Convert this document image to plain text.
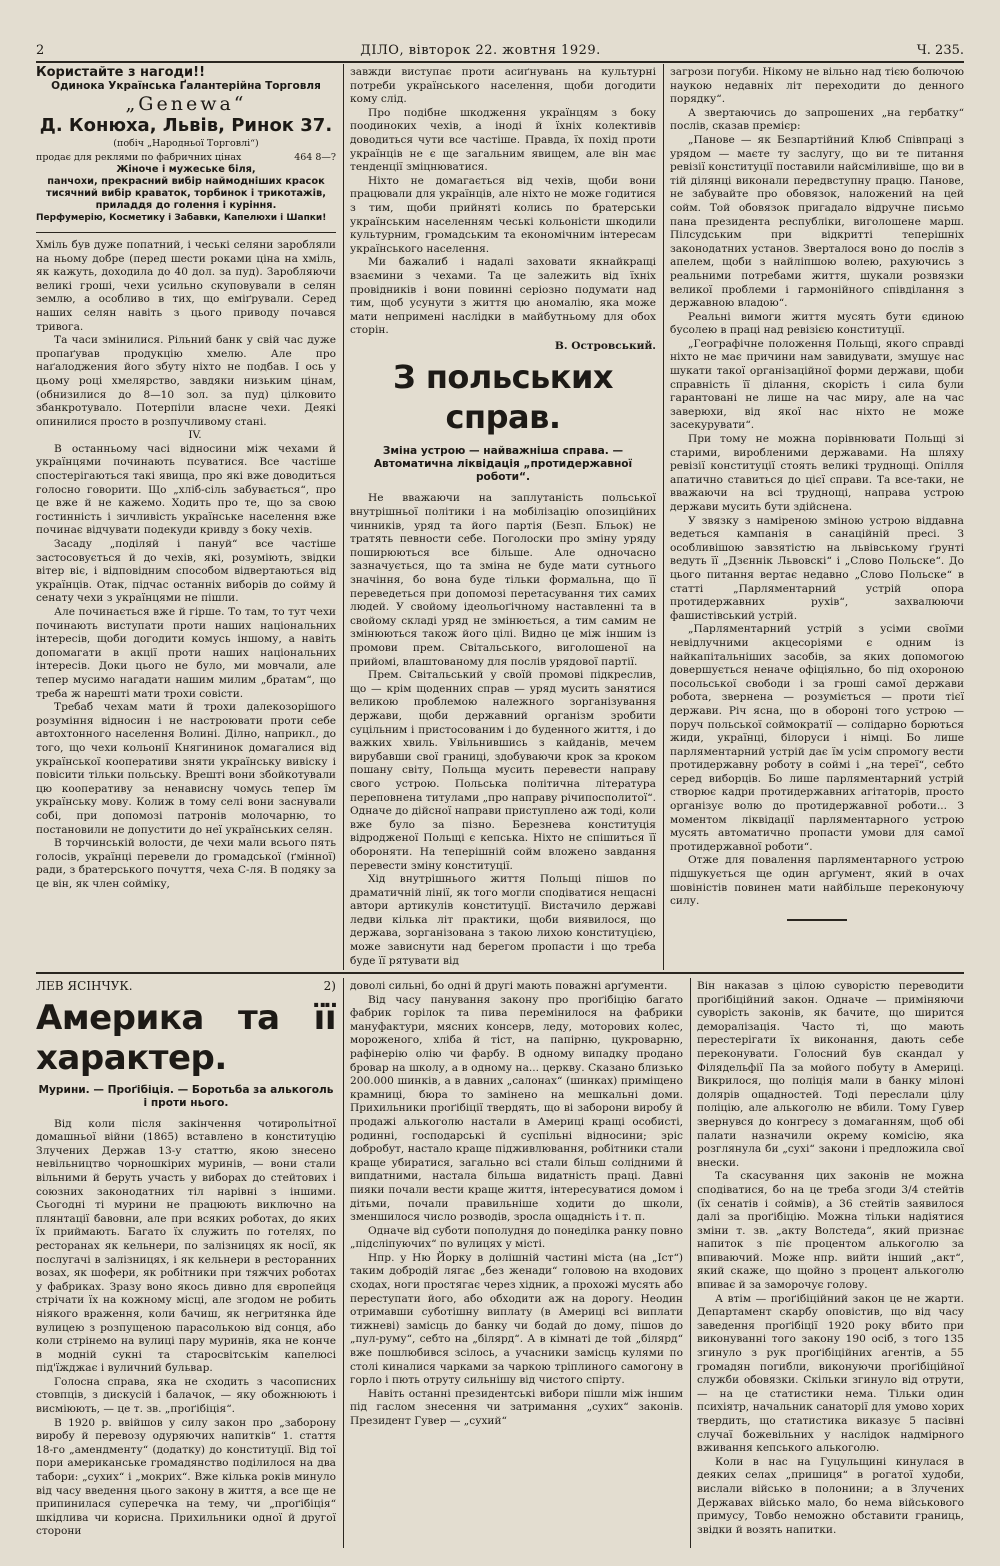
2	ДІЛО, вівторок 22. жовтня 1929.	Ч. 235.
Користайте з нагоди!!
Одинока Українська Ґалантерійна Торговля
„Genewa“
Д. Конюха, Львів, Ринок 37.
(побіч „Народньої Торговлі“)
продає для реклями по фабричних цінах	464 8—?
Жіноче і мужеське біля,
панчохи, прекрасний вибір наймодніших красок
тисячний вибір краваток, торбинок і трикотажів, приладдя до голення і куріння.
Перфумерію, Косметику і Забавки, Капелюхи і Шапки!

Хміль був дуже попатний, і чеські селяни заробляли на ньому добре (перед шести роками ціна на хміль, як кажуть, доходила до 40 дол. за пуд). Заробляючи великі гроші, чехи усильно скуповували в селян землю, а особливо в тих, що еміґрували. Серед наших селян навіть з цього приводу почався тривога.

Та часи змінилися. Рільний банк у свій час дуже пропаґував продукцію хмелю. Але про наґалоджения його збуту ніхто не подбав. І ось у цьому році хмелярство, завдяки низьким цінам, (обнизилися до 8—10 зол. за пуд) цілковито збанкротувало. Потерпіли власне чехи. Деякі опинилися просто в розпучливому стані.

IV.

В останньому часі відносини між чехами й українцями починають псуватися. Все частіше спостерігаються такі явища, про які вже доводиться голосно говорити. Що „хліб-сіль забувається“, про це вже й не кажемо. Ходить про те, що за свою гостинність і зичливість українське населення вже починає відчувати подекуди кривду з боку чехів.

Засаду „поділяй і пануй“ все частіше застосовується й до чехів, які, розуміють, звідки вітер віє, і відповідним способом відвертаються від українців. Отак, підчас останніх виборів до сойму й сенату чехи з українцями не пішли.

Але починається вже й гірше. То там, то тут чехи починають виступати проти наших національних інтересів, щоби догодити комусь іншому, а навіть допомагати в акції проти наших національних інтересів. Доки цього не було, ми мовчали, але тепер мусимо нагадати нашим милим „братам“, що треба ж нарешті мати трохи совісти.

Требаб чехам мати й трохи далекозорішого розуміння відносин і не настроювати проти себе автохтонного населення Волині. Ділно, наприкл., до того, що чехи кольонії Княгининок домагалися від української кооперативи зняти українську вивіску і повісити тільки польську. Врешті вони збойкотували цю кооперативу за ненависну чомусь тепер їм українську мову. Колиж в тому селі вони заснували собі, при допомозі патронів молочарню, то постановили не допустити до неї українських селян.

В торчинській волости, де чехи мали всього пять голосів, українці перевели до громадської (ґмінної) ради, з братерського почуття, чеха С-ля. В подяку за це він, як член сойміку,

завжди виступає проти асиґнувань на культурні потреби українського населення, щоби догодити кому слід.

Про подібне шкодження українцям з боку поодиноких чехів, а іноді й їхніх колективів доводиться чути все частіше. Правда, їх похід проти українців не є ще загальним явищем, але він має тенденції зміцнюватися.

Ніхто не домагається від чехів, щоби вони працювали для українців, але ніхто не може годитися з тим, щоби прийняті колись по братерськи українським населенням чеські кольоністи шкодили культурним, громадським та економічним інтересам українського населення.

Ми бажалиб і надалі заховати якнайкращі взаємини з чехами. Та це залежить від їхніх провідників і вони повинні серіозно подумати над тим, щоб усунути з життя цю аномалію, яка може мати непримені наслідки в майбутньому для обох сторін.

В. Островський.
З польських справ.
Зміна устрою — найважніша справа. — Автоматична ліквідація „протидержавної роботи“.

Не вважаючи на заплутаність польської внутрішньої політики і на мобілізацію опозиційних чинників, уряд та його партія (Безп. Бльок) не тратять певности себе. Поголоски про зміну уряду поширюються все більше. Але одночасно зазначується, що та зміна не буде мати сутнього значіння, бо вона буде тільки формальна, що її переведеться при допомозі перетасування тих самих людей. У свойому ідеольоґічному наставленні та в свойому складі уряд не змінюється, а тим самим не змінюються також його цілі. Видно це між іншим із промови прем. Світальського, виголошеної на прийомі, влаштованому для послів урядової партії.

Прем. Світальський у своїй промові підкреслив, що — крім щоденних справ — уряд мусить занятися великою проблемою належного зорганізування держави, щоби державний організм зробити суцільним і пристосованим і до буденного життя, і до важких хвиль. Увільнившись з кайданів, мечем вирубавши свої границі, здобуваючи крок за кроком пошану світу, Польща мусить перевести направу свого устрою. Польська політична література переповнена титулами „про направу річипосполитої“. Одначе до дійсної направи приступлено аж тоді, коли вже було за пізно. Березнева конституція відродженої Польщі є кепська. Ніхто не спішиться її обороняти. На теперішній сойм вложено завдання перевести зміну конституції.

Хід внутрішнього життя Польщі пішов по драматичній лінії, як того могли сподіватися нещасні автори артикулів конституції. Вистачило державі ледви кілька літ практики, щоби виявилося, що держава, зорганізована з такою лихою конституцією, може зависнути над берегом пропасти і що треба буде її рятувати від

загрози погуби. Нікому не вільно над тією болючою наукою недавніх літ переходити до денного порядку“.

А звертаючись до запрошених „на гербатку“ послів, сказав премієр:

„Панове — як Безпартійний Клюб Співпраці з урядом — маєте ту заслугу, що ви те питання ревізії конституції поставили найсміливіше, що ви в тій ділянці виконали передвступну працю. Панове, не забувайте про обовязок, наложений на цей сойм. Той обовязок пригадало відручне письмо пана президента республіки, виголошене марш. Пілсудським при відкритті теперішніх законодатних установ. Зверталося воно до послів з апелем, щоби з найліпшою волею, рахуючись з реальними потребами життя, шукали розвязки великої проблеми і гармонійного співділання з державною владою“.

Реальні вимоги життя мусять бути єдиною бусолею в праці над ревізією конституції.

„Географічне положення Польщі, якого справді ніхто не має причини нам завидувати, змушує нас шукати такої організаційної форми держави, щоби справність її ділання, скорість і сила були гарантовані не лише на час миру, але на час заверюхи, від якої нас ніхто не може засекурувати“.

При тому не можна порівнювати Польщі зі старими, виробленими державами. На шляху ревізії конституції стоять великі труднощі. Опілля апатично ставиться до цієї справи. Та все-таки, не вважаючи на всі труднощі, направа устрою держави мусить бути здійснена.

У звязку з наміреною зміною устрою віддавна ведеться кампанія в санаційній пресі. З особливішою завзятістю на львівському ґрунті ведуть її „Дзєннік Львовскі“ і „Слово Польске“. До цього питання вертає недавно „Слово Польске“ в статті „Парляментарний устрій опора протидержавних рухів“, захвалюючи фашистівський устрій.

„Парляментарний устрій з усіми своїми невідлучними акцесоріями є одним із найкапітальніших засобів, за яких допомогою довершується неначе офіціяльно, бо під охороною посольської свободи і за гроші самої держави робота, звернена — розуміється — проти тієї держави. Річ ясна, що в обороні того устрою — поруч польської соймократії — солідарно борються жиди, українці, білоруси і німці. Бо лише парляментарний устрій дає їм усім спромогу вести протидержавну роботу в соймі і „на тереї“, себто серед виборців. Бо лише парляментарний устрій створює кадри протидержавних агітаторів, просто організує волю до протидержавної роботи... З моментом ліквідації парляментарного устрою мусять автоматично пропасти умови для самої протидержавної роботи“.

Отже для повалення парляментарного устрою підшукується ще один арґумент, який в очах шовіністів повинен мати найбільше переконуючу силу.

ЛЕВ ЯСІНЧУК.	2)
Америка та її характер.
Мурини. — Проґібіція. — Боротьба за алькоголь і проти нього.

Від коли після закінчення чотирольітної домашньої війни (1865) вставлено в конституцію Злучених Держав 13-у статтю, якою знесено невільництво чорношкірих муринів, — вони стали вільними й беруть участь у виборах до стейтових і союзних законодатних тіл нарівні з іншими. Сьогодні ті мурини не працюють виключно на плянтації бавовни, але при всяких роботах, до яких їх приймають. Багато їх служить по готелях, по ресторанах як кельнери, по залізницях як носії, як послугачі в залізницях, і як кельнери в ресторанних возах, як шофери, як робітники при тяжчих роботах у фабриках. Зразу воно якось дивно для європейця стрічати їх на кожному місці, але згодом не робить ніякого враження, коли бачиш, як негритянка йде вулицею з розпущеною парасолькою від сонця, або коли стрінемо на вулиці пару муринів, яка не конче в модній сукні та старосвітськім капелюсі під'їжджає і вуличний бульвар.

Голосна справа, яка не сходить з часописних стовпців, з дискусій і балачок, — яку обожнюють і висміюють, — це т. зв. „проґібіція“.

В 1920 р. ввійшов у силу закон про „заборону виробу й перевозу одуряючих напитків“ 1. стаття 18-го „амендменту“ (додатку) до конституції. Від тої пори американське громадянство поділилося на два табори: „сухих“ і „мокрих“. Вже кілька років минуло від часу введення цього закону в життя, а все ще не припинилася суперечка на тему, чи „проґібіція“ шкідлива чи корисна. Прихильники одної й другої сторони

доволі сильні, бо одні й другі мають поважні арґументи.

Від часу панування закону про проґібіцію багато фабрик горілок та пива перемінилося на фабрики мануфактури, мясних консерв, леду, моторових колес, мороженого, хліба й тіст, на папірню, цукроварню, рафінерію олію чи фарбу. В одному випадку продано бровар на школу, а в одному на... церкву. Сказано близько 200.000 шинків, а в давних „салонах“ (шинках) приміщено крамниці, бюра то замінено на мешкальні доми. Прихильники проґібіції твердять, що ві заборони виробу й продажі алькоголю настали в Америці кращі особисті, родинні, господарські й суспільні відносини; зріс добробут, настало краще підживлювання, робітники стали краще убиратися, загально всі стали більш солідними й випдатними, настала більша видатність праці. Давні пияки почали вести краще життя, інтересуватися домом і дітьми, почали правильніше ходити до школи, зменшилося число розводів, зросла ощадність і т. п.

Одначе від суботи пополудня до понеділка ранку повно „підсліпуючих“ по вулицях у місті.

Нпр. у Ню Йорку в долішній частині міста (на „Іст“) таким добродій лягає „без женади“ головою на входових сходах, ноги простягає через хідник, а прохожі мусять або переступати його, або обходити аж на дорогу. Неодин отримавши суботішну виплату (в Америці всі виплати тижневі) замісць до банку чи бодай до дому, пішов до „пул-руму“, себто на „білярд“. А в кімнаті де той „білярд“ вже пошлюбився зсілось, а учасники замісць кулями по столі киналися чарками за чаркою тріплиного самогону в горло і пють отруту сильнішу від чистого спірту.

Навіть останні президентські вибори пішли між іншим під гаслом знесення чи затримання „сухих“ законів. Президент Гувер — „сухий“

Він наказав з цілою суворістю переводити проґібіційний закон. Одначе — приміняючи суворість законів, як бачите, що ширится деморалізація. Часто ті, що мають перестерігати їх виконання, дають себе переконувати. Голосний був скандал у Філядельфії Па за мойого побуту в Америці. Викрилося, що поліція мали в банку мілоні долярів ощадностей. Тоді переслали цілу поліцію, але алькоголю не вбили. Тому Гувер звернувся до конгресу з домаганням, щоб обі палати назначили окрему комісію, яка розглянула би „сухі“ закони і предложила свої внески.

Та скасування цих законів не можна сподіватися, бо на це треба згоди 3/4 стейтів (їх сенатів і соймів), а 36 стейтів заявилося далі за проґібіцію. Можна тільки надіятися зміни т. зв. „акту Волстеда“, який признає напиток з піє процентом алькоголю за впиваючий. Може нпр. вийти інший „акт“, який скаже, що щойно з процент алькоголю впиває й за заморочує голову.

А втім — проґібіційний закон це не жарти. Департамент скарбу оповістив, що від часу заведення проґібіції 1920 року вбито при виконуванні того закону 190 осіб, з того 135 згинуло з рук проґібіційних агентів, а 55 громадян погибли, виконуючи проґібіційної служби обовязки. Скільки згинуло від отрути, — на це статистики нема. Тільки один психіятр, начальник санаторії для умово хорих твердить, що статистика виказує 5 пасівні случаї божевільних у наслідок надмірного вживання кепського алькоголю.

Коли в нас на Гуцульщині кинулася в деяких селах „пришиця“ в рогатої худоби, вислали військо в полонини; а в Злучених Державах військо мало, бо нема військового примусу, Товбо неможно обставити границь, звідки й возять напитки.
